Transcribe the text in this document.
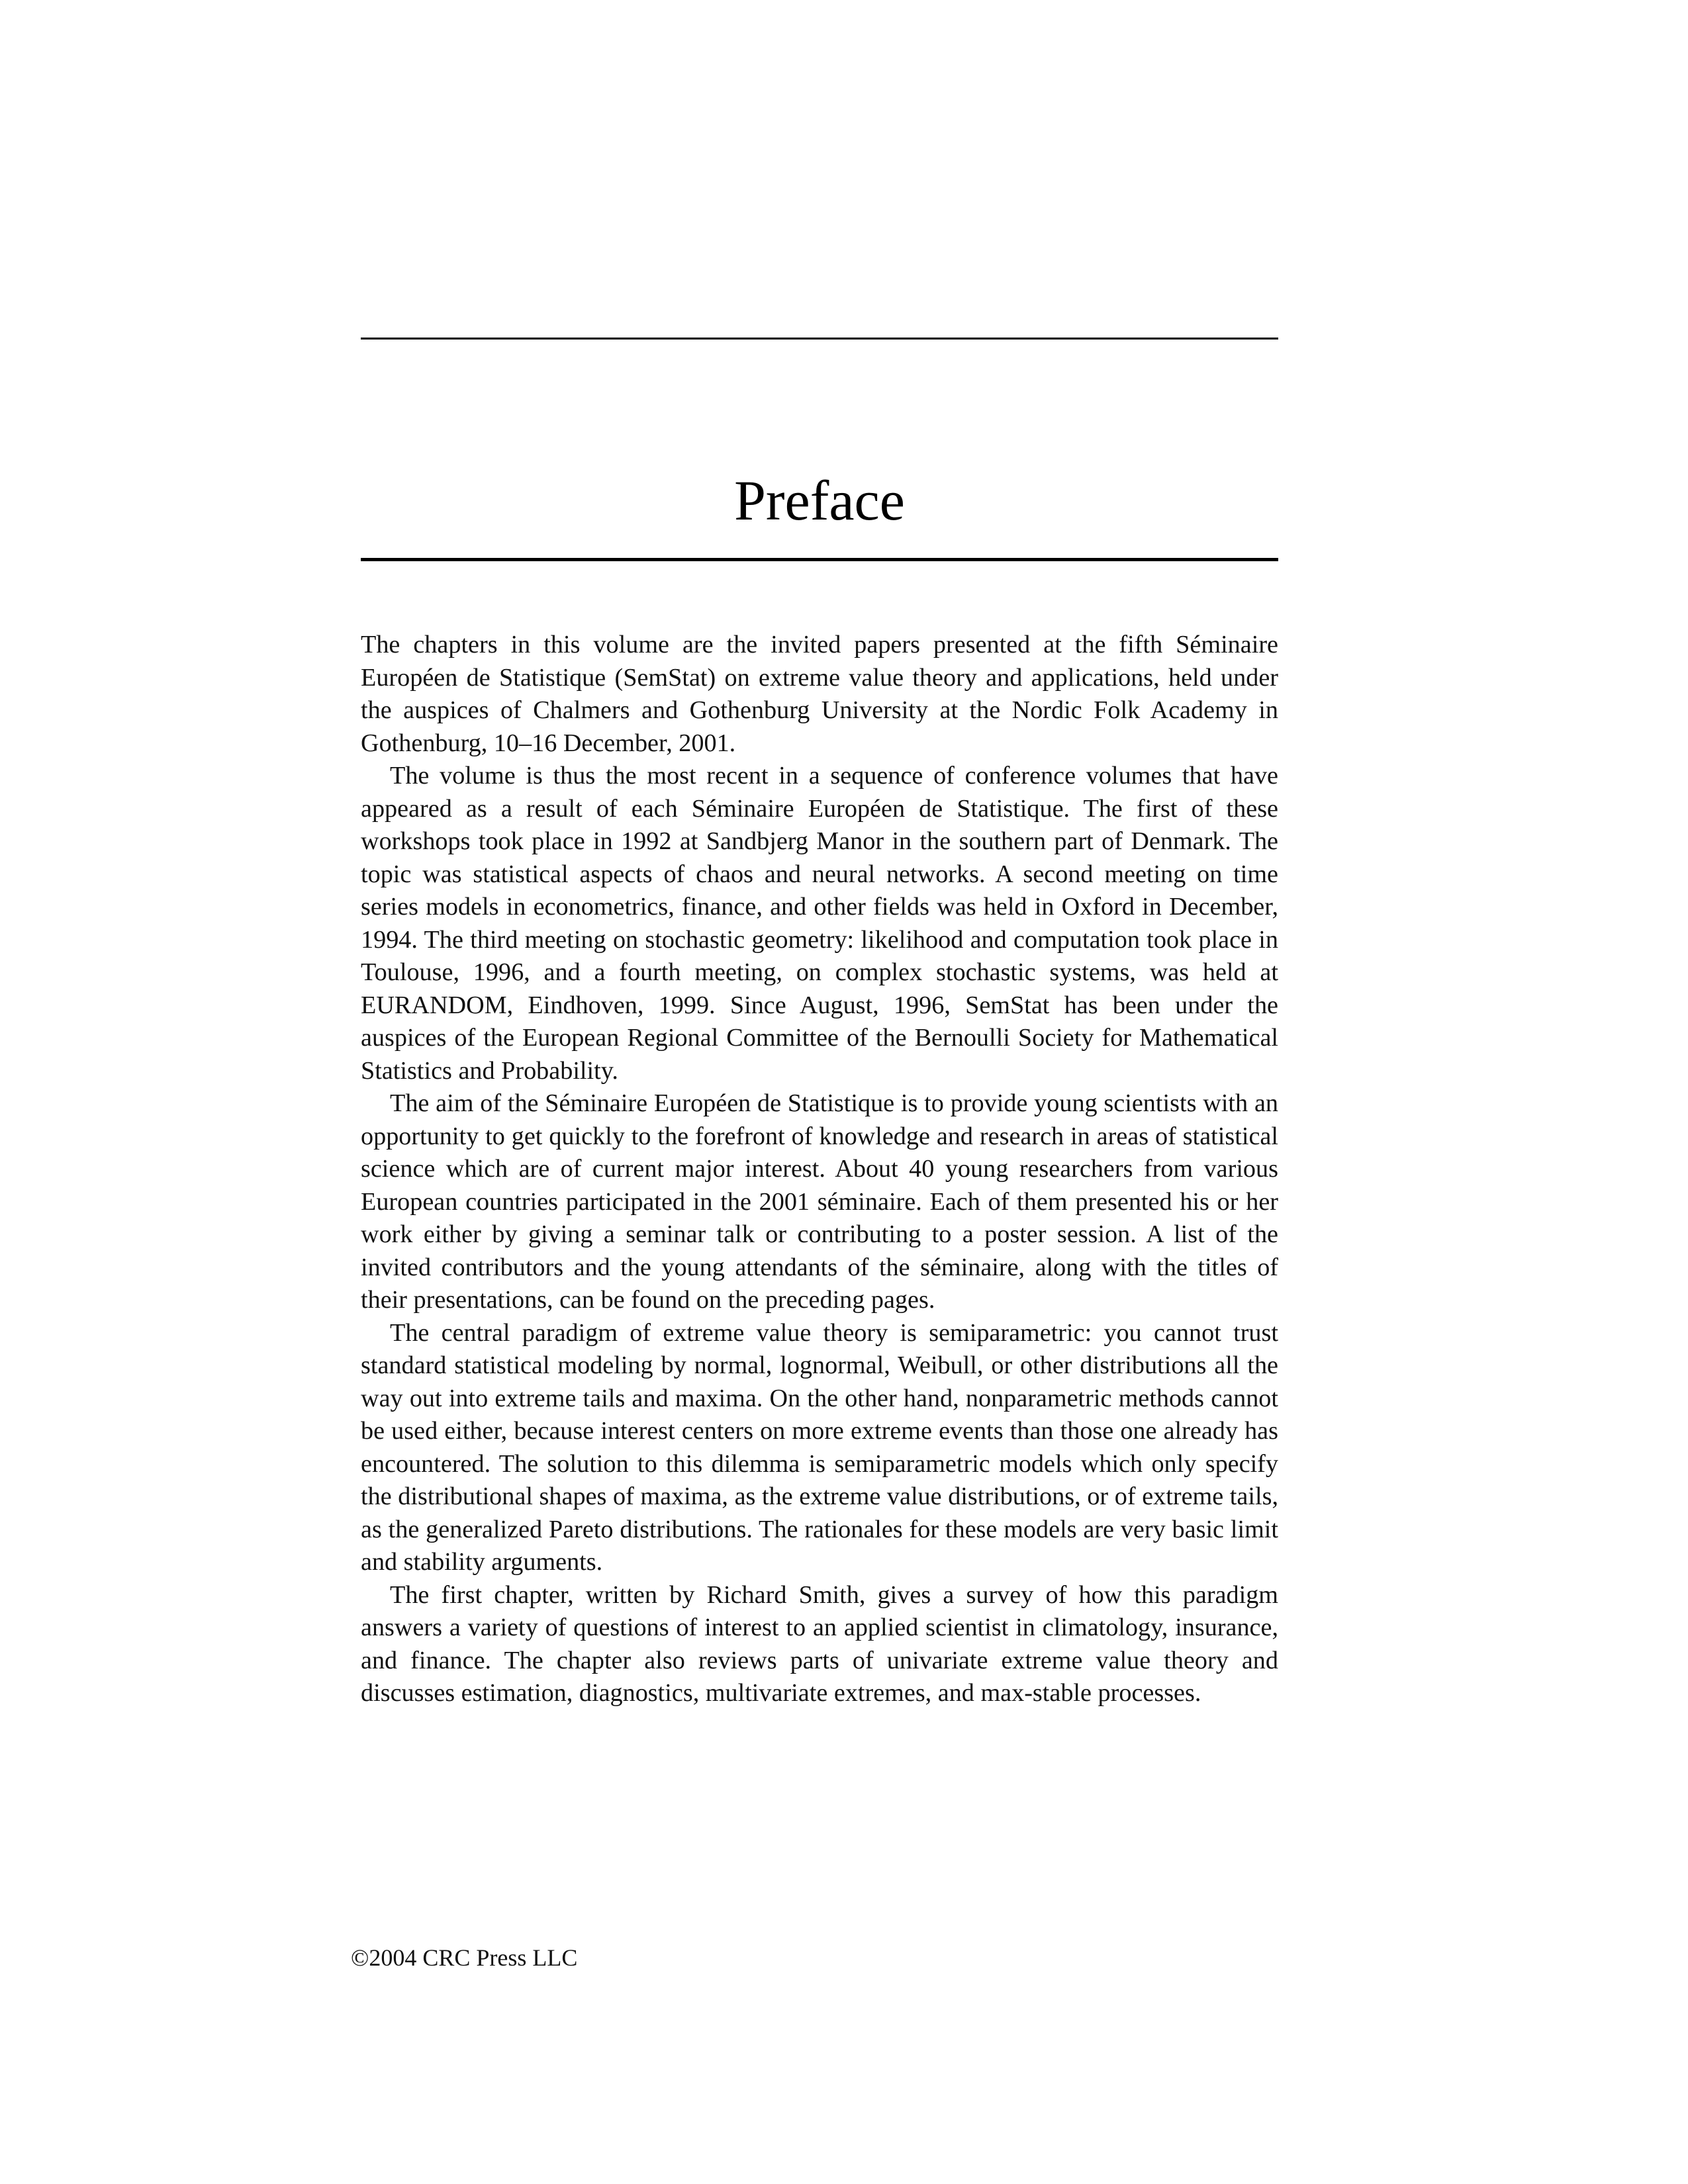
Preface

The chapters in this volume are the invited papers presented at the fifth Séminaire Européen de Statistique (SemStat) on extreme value theory and applications, held under the auspices of Chalmers and Gothenburg University at the Nordic Folk Academy in Gothenburg, 10–16 December, 2001.

The volume is thus the most recent in a sequence of conference volumes that have appeared as a result of each Séminaire Européen de Statistique. The first of these workshops took place in 1992 at Sandbjerg Manor in the southern part of Denmark. The topic was statistical aspects of chaos and neural networks. A second meeting on time series models in econometrics, finance, and other fields was held in Oxford in December, 1994. The third meeting on stochastic geometry: likelihood and computation took place in Toulouse, 1996, and a fourth meeting, on complex stochastic systems, was held at EURANDOM, Eindhoven, 1999. Since August, 1996, SemStat has been under the auspices of the European Regional Committee of the Bernoulli Society for Mathematical Statistics and Probability.

The aim of the Séminaire Européen de Statistique is to provide young scientists with an opportunity to get quickly to the forefront of knowledge and research in areas of statistical science which are of current major interest. About 40 young researchers from various European countries participated in the 2001 séminaire. Each of them presented his or her work either by giving a seminar talk or contributing to a poster session. A list of the invited contributors and the young attendants of the séminaire, along with the titles of their presentations, can be found on the preceding pages.

The central paradigm of extreme value theory is semiparametric: you cannot trust standard statistical modeling by normal, lognormal, Weibull, or other distributions all the way out into extreme tails and maxima. On the other hand, nonparametric methods cannot be used either, because interest centers on more extreme events than those one already has encountered. The solution to this dilemma is semiparametric models which only specify the distributional shapes of maxima, as the extreme value distributions, or of extreme tails, as the generalized Pareto distributions. The rationales for these models are very basic limit and stability arguments.

The first chapter, written by Richard Smith, gives a survey of how this paradigm answers a variety of questions of interest to an applied scientist in climatology, insurance, and finance. The chapter also reviews parts of univariate extreme value theory and discusses estimation, diagnostics, multivariate extremes, and max-stable processes.

©2004 CRC Press LLC
